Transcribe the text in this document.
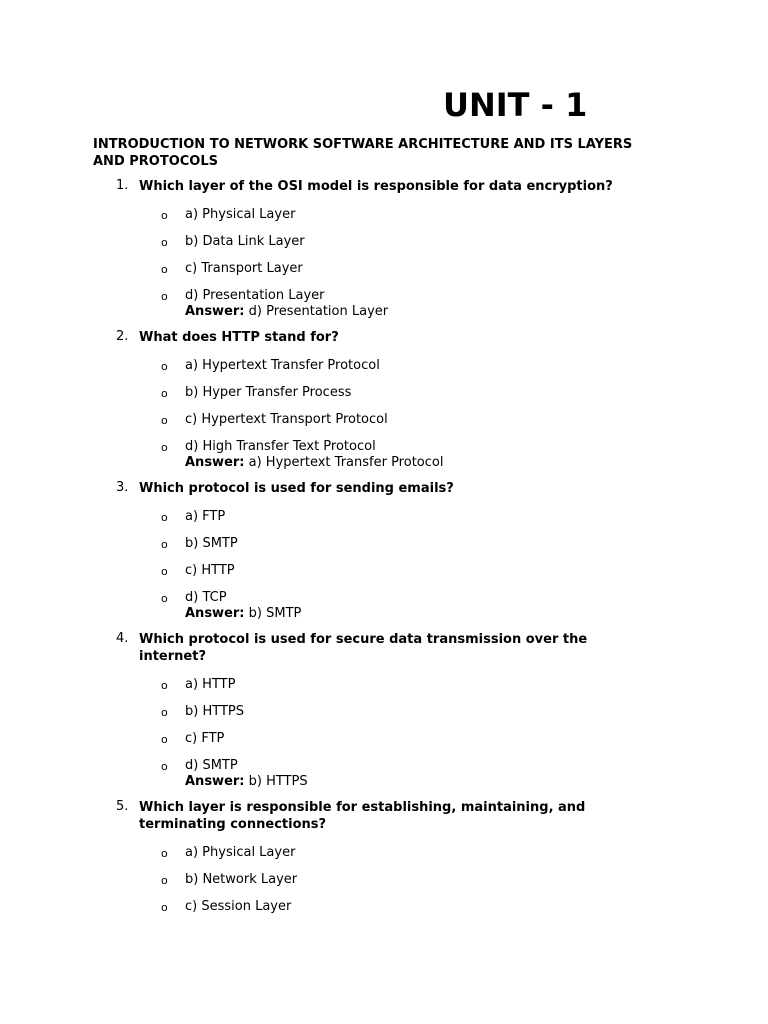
UNIT - 1
INTRODUCTION TO NETWORK SOFTWARE ARCHITECTURE AND ITS LAYERS AND PROTOCOLS
1. Which layer of the OSI model is responsible for data encryption?
o a) Physical Layer
o b) Data Link Layer
o c) Transport Layer
o d) Presentation Layer
Answer: d) Presentation Layer
2. What does HTTP stand for?
o a) Hypertext Transfer Protocol
o b) Hyper Transfer Process
o c) Hypertext Transport Protocol
o d) High Transfer Text Protocol
Answer: a) Hypertext Transfer Protocol
3. Which protocol is used for sending emails?
o a) FTP
o b) SMTP
o c) HTTP
o d) TCP
Answer: b) SMTP
4. Which protocol is used for secure data transmission over the internet?
o a) HTTP
o b) HTTPS
o c) FTP
o d) SMTP
Answer: b) HTTPS
5. Which layer is responsible for establishing, maintaining, and terminating connections?
o a) Physical Layer
o b) Network Layer
o c) Session Layer
